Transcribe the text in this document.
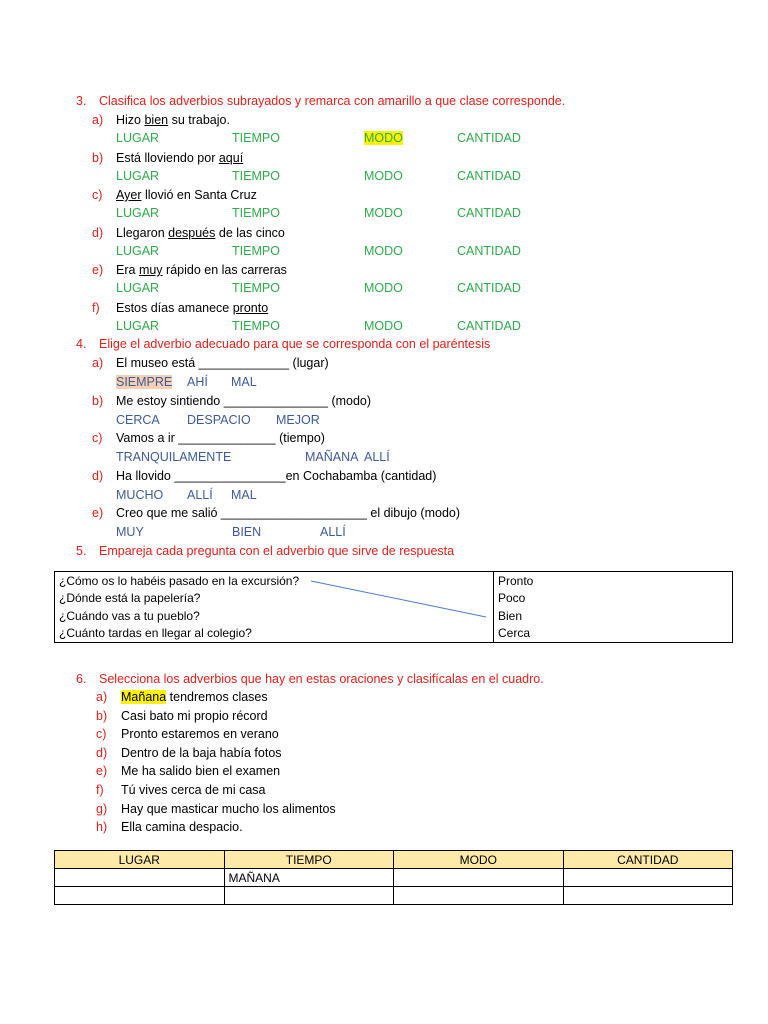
3. Clasifica los adverbios subrayados y remarca con amarillo a que clase corresponde.
a) Hizo bien su trabajo.
LUGAR	TIEMPO	MODO	CANTIDAD
b) Está lloviendo por aquí
LUGAR	TIEMPO	MODO	CANTIDAD
c) Ayer llovió en Santa Cruz
LUGAR	TIEMPO	MODO	CANTIDAD
d) Llegaron después de las cinco
LUGAR	TIEMPO	MODO	CANTIDAD
e) Era muy rápido en las carreras
LUGAR	TIEMPO	MODO	CANTIDAD
f) Estos días amanece pronto
LUGAR	TIEMPO	MODO	CANTIDAD
4. Elige el adverbio adecuado para que se corresponda con el paréntesis
a) El museo está _____________ (lugar)
SIEMPRE AHÍ MAL
b) Me estoy sintiendo _______________ (modo)
CERCA DESPACIO MEJOR
c) Vamos a ir ______________ (tiempo)
TRANQUILAMENTE	MAÑANA ALLÍ
d) Ha llovido ________________en Cochabamba (cantidad)
MUCHO ALLÍ MAL
e) Creo que me salió _____________________ el dibujo (modo)
MUY	BIEN	ALLÍ
5. Empareja cada pregunta con el adverbio que sirve de respuesta
¿Cómo os lo habéis pasado en la excursión?	Pronto
¿Dónde está la papelería?	Poco
¿Cuándo vas a tu pueblo?	Bien
¿Cuánto tardas en llegar al colegio?	Cerca
6. Selecciona los adverbios que hay en estas oraciones y clasifícalas en el cuadro.
a) Mañana tendremos clases
b) Casi bato mi propio récord
c) Pronto estaremos en verano
d) Dentro de la baja había fotos
e) Me ha salido bien el examen
f) Tú vives cerca de mi casa
g) Hay que masticar mucho los alimentos
h) Ella camina despacio.
LUGAR	TIEMPO	MODO	CANTIDAD
	MAÑANA		
